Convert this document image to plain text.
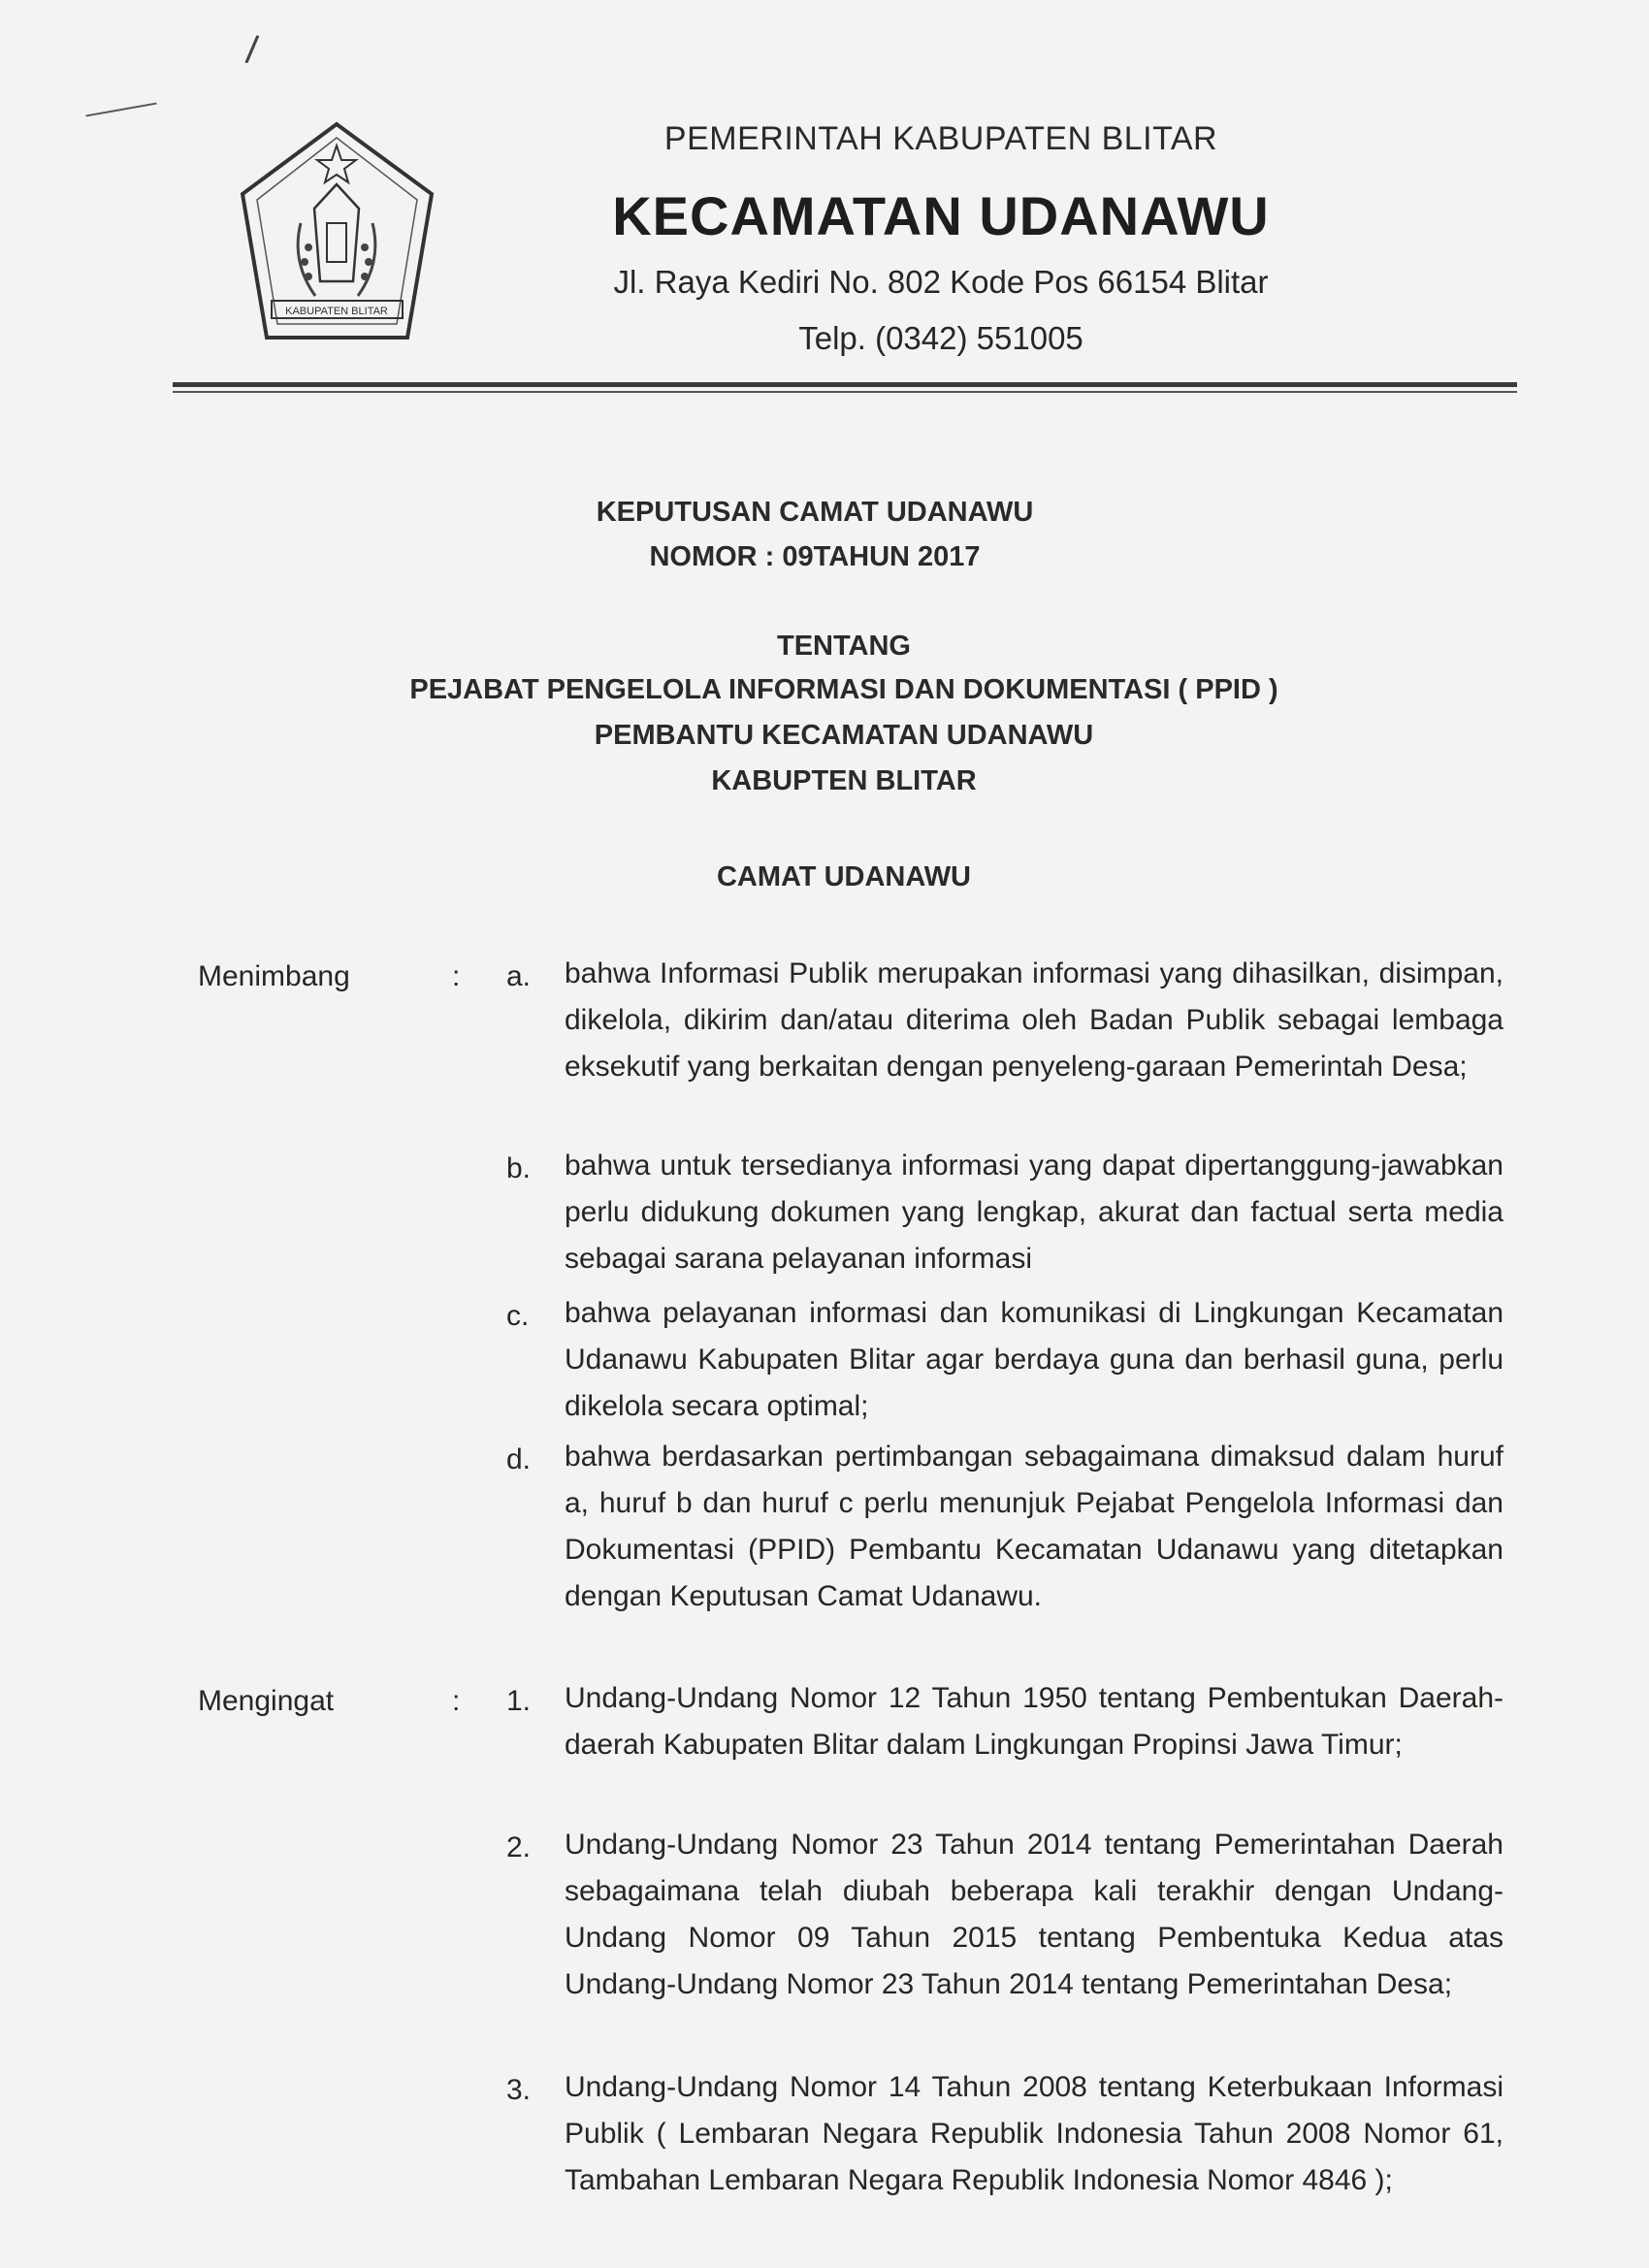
/
KABUPATEN BLITAR
PEMERINTAH KABUPATEN BLITAR
KECAMATAN UDANAWU
Jl. Raya Kediri No. 802 Kode Pos 66154 Blitar
Telp. (0342) 551005
KEPUTUSAN CAMAT UDANAWU
NOMOR : 09TAHUN 2017
TENTANG
PEJABAT PENGELOLA INFORMASI DAN DOKUMENTASI ( PPID )
PEMBANTU KECAMATAN UDANAWU
KABUPTEN BLITAR
CAMAT UDANAWU
Menimbang	: a.	bahwa Informasi Publik merupakan informasi yang dihasilkan, disimpan, dikelola, dikirim dan/atau diterima oleh Badan Publik sebagai lembaga eksekutif yang berkaitan dengan penyeleng-garaan Pemerintah Desa;
b.	bahwa untuk tersedianya informasi yang dapat dipertanggung-jawabkan perlu didukung dokumen yang lengkap, akurat dan factual serta media sebagai sarana pelayanan informasi
c.	bahwa pelayanan informasi dan komunikasi di Lingkungan Kecamatan Udanawu Kabupaten Blitar agar berdaya guna dan berhasil guna, perlu dikelola secara optimal;
d.	bahwa berdasarkan pertimbangan sebagaimana dimaksud dalam huruf a, huruf b dan huruf c perlu menunjuk Pejabat Pengelola Informasi dan Dokumentasi (PPID) Pembantu Kecamatan Udanawu yang ditetapkan dengan Keputusan Camat Udanawu.
Mengingat	: 1.	Undang-Undang Nomor 12 Tahun 1950 tentang Pembentukan Daerah-daerah Kabupaten Blitar dalam Lingkungan Propinsi Jawa Timur;
2.	Undang-Undang Nomor 23 Tahun 2014 tentang Pemerintahan Daerah sebagaimana telah diubah beberapa kali terakhir dengan Undang-Undang Nomor 09 Tahun 2015 tentang Pembentuka Kedua atas Undang-Undang Nomor 23 Tahun 2014 tentang Pemerintahan Desa;
3.	Undang-Undang Nomor 14 Tahun 2008 tentang Keterbukaan Informasi Publik ( Lembaran Negara Republik Indonesia Tahun 2008 Nomor 61, Tambahan Lembaran Negara Republik Indonesia Nomor 4846 );
